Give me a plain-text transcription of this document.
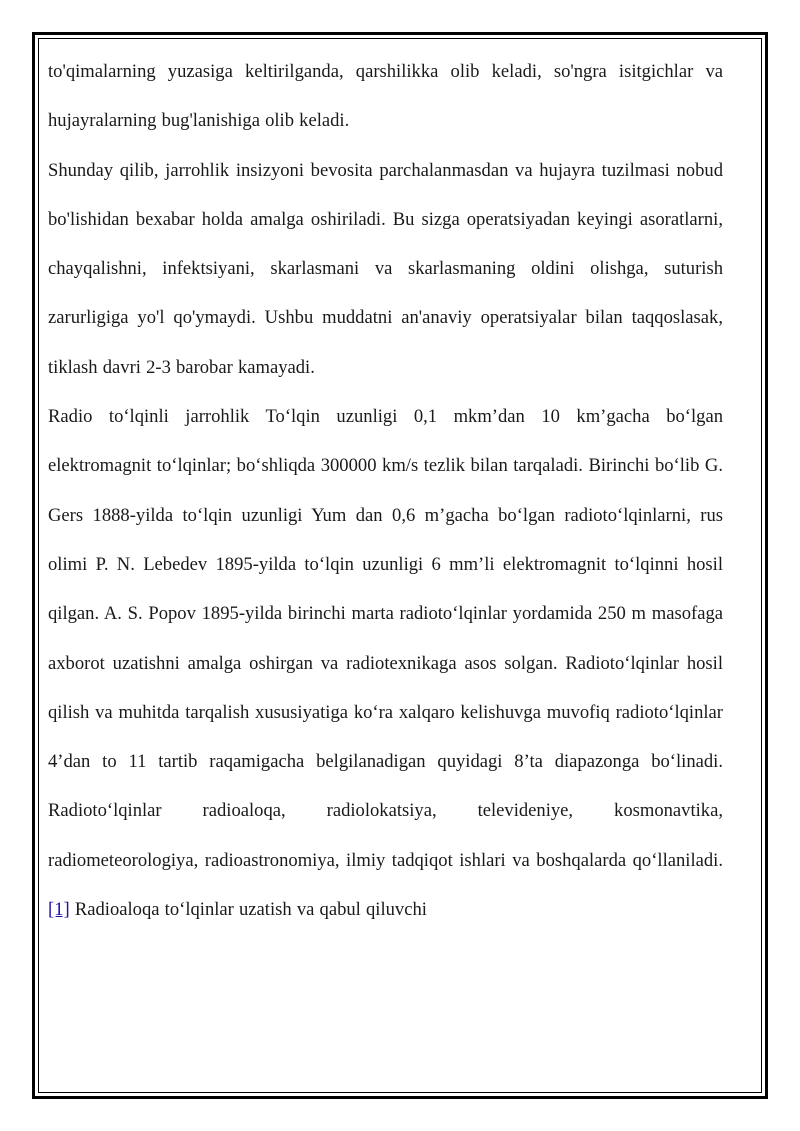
to'qimalarning yuzasiga keltirilganda, qarshilikka olib keladi, so'ngra isitgichlar va hujayralarning bug'lanishiga olib keladi.

Shunday qilib, jarrohlik insizyoni bevosita parchalanmasdan va hujayra tuzilmasi nobud bo'lishidan bexabar holda amalga oshiriladi. Bu sizga operatsiyadan keyingi asoratlarni, chayqalishni, infektsiyani, skarlasmani va skarlasmaning oldini olishga, suturish zarurligiga yo'l qo'ymaydi. Ushbu muddatni an'anaviy operatsiyalar bilan taqqoslasak, tiklash davri 2-3 barobar kamayadi.

Radio to‘lqinli jarrohlik To‘lqin uzunligi 0,1 mkm’dan 10 km’gacha bo‘lgan elektromagnit to‘lqinlar; bo‘shliqda 300000 km/s tezlik bilan tarqaladi. Birinchi bo‘lib G. Gers 1888-yilda to‘lqin uzunligi Yum dan 0,6 m’gacha bo‘lgan radioto‘lqinlarni, rus olimi P. N. Lebedev 1895-yilda to‘lqin uzunligi 6 mm’li elektromagnit to‘lqinni hosil qilgan. A. S. Popov 1895-yilda birinchi marta radioto‘lqinlar yordamida 250 m masofaga axborot uzatishni amalga oshirgan va radiotexnikaga asos solgan. Radioto‘lqinlar hosil qilish va muhitda tarqalish xususiyatiga ko‘ra xalqaro kelishuvga muvofiq radioto‘lqinlar 4’dan to 11 tartib raqamigacha belgilanadigan quyidagi 8’ta diapazonga bo‘linadi. Radioto‘lqinlar radioaloqa, radiolokatsiya, televideniye, kosmonavtika, radiometeorologiya, radioastronomiya, ilmiy tadqiqot ishlari va boshqalarda qo‘llaniladi.[1] Radioaloqa to‘lqinlar uzatish va qabul qiluvchi
